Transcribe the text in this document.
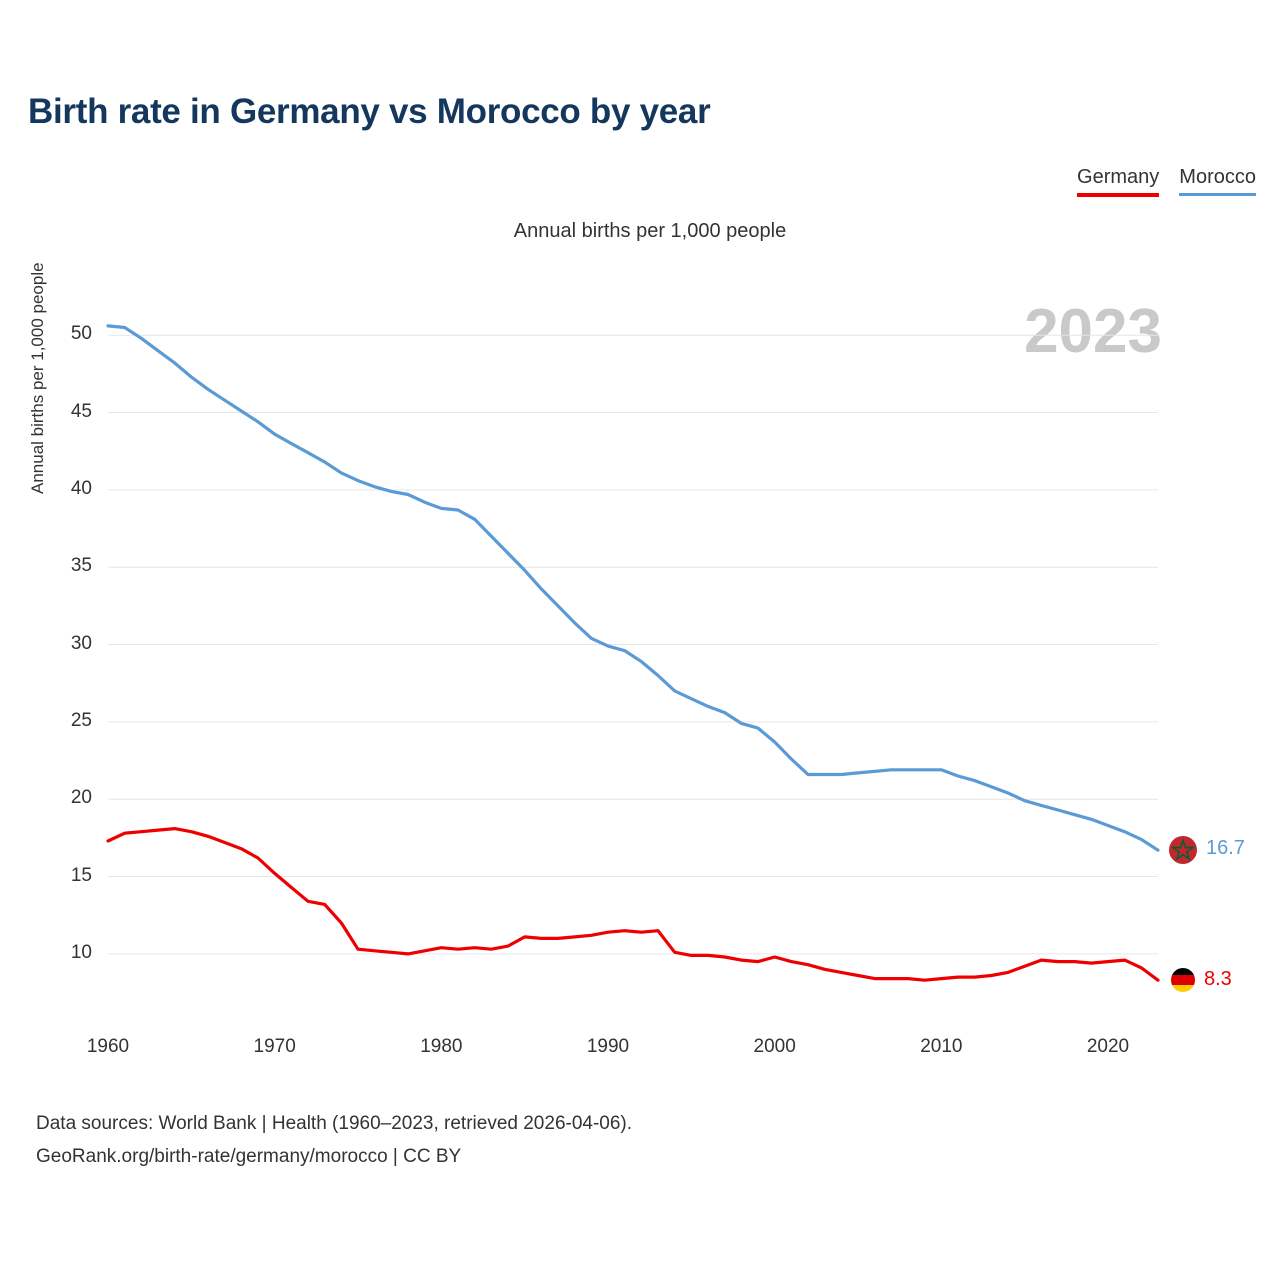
Birth rate in Germany vs Morocco by year
Germany Morocco
Annual births per 1,000 people
Annual births per 1,000 people	2023
10
15
20
25
30
35
40
45
50
1960	1970	1980	1990	2000	2010	2020
16.7
8.3
Data sources: World Bank | Health (1960–2023, retrieved 2026-04-06).
GeoRank.org/birth-rate/germany/morocco | CC BY
